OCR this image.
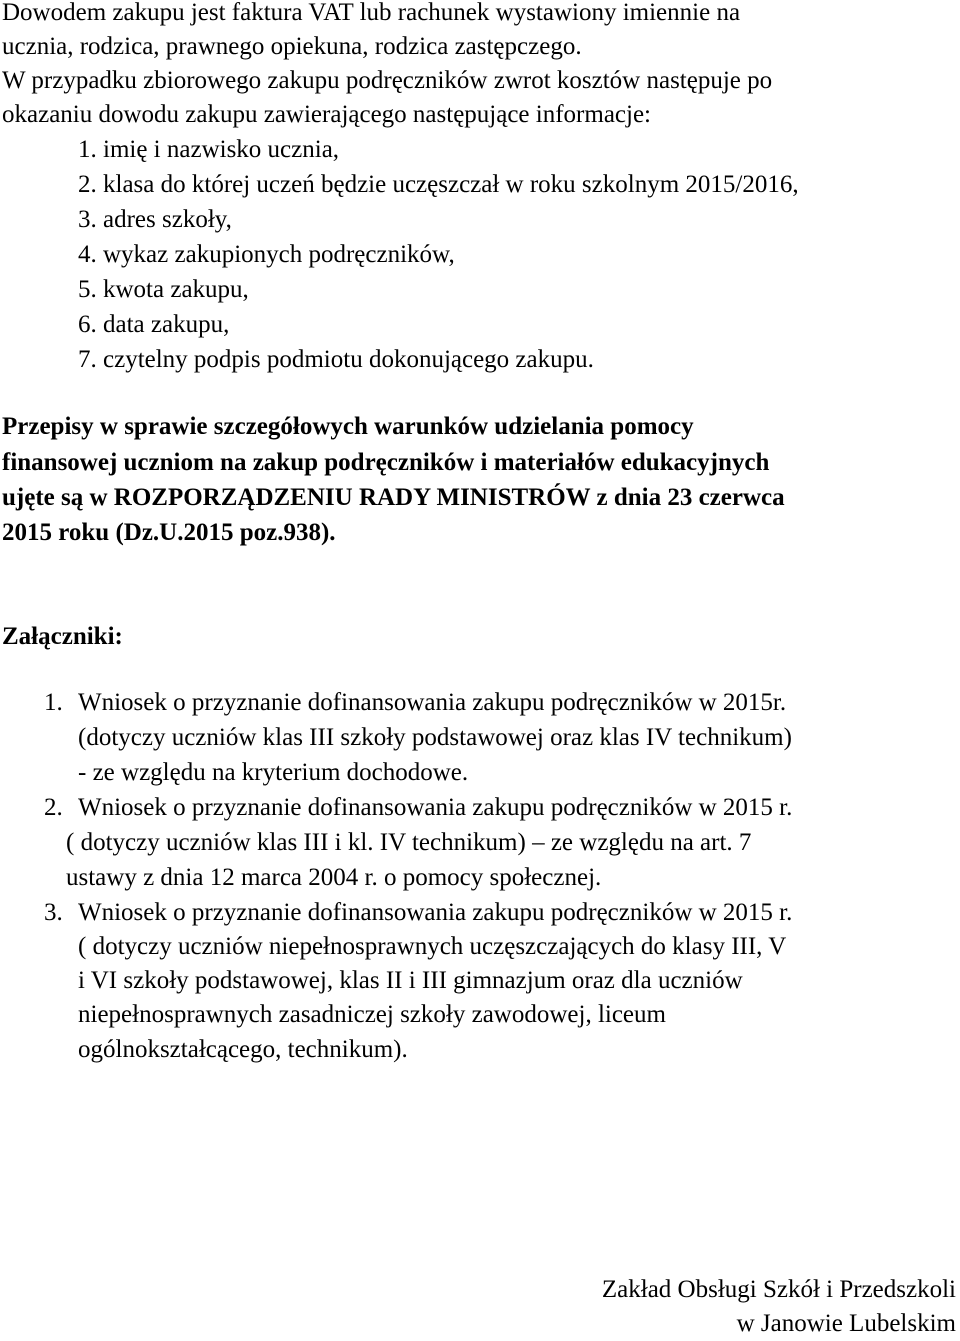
Dowodem zakupu jest faktura VAT lub rachunek wystawiony imiennie na
ucznia, rodzica, prawnego opiekuna, rodzica zastępczego.
W przypadku zbiorowego zakupu podręczników zwrot kosztów następuje po
okazaniu dowodu zakupu zawierającego następujące informacje:
1. imię i nazwisko ucznia,
2. klasa do której uczeń będzie uczęszczał w roku szkolnym 2015/2016,
3. adres szkoły,
4. wykaz zakupionych podręczników,
5. kwota zakupu,
6. data zakupu,
7. czytelny podpis podmiotu dokonującego zakupu.
Przepisy w sprawie szczegółowych warunków udzielania pomocy
finansowej uczniom na zakup podręczników i materiałów edukacyjnych
ujęte są w ROZPORZĄDZENIU RADY MINISTRÓW z dnia 23 czerwca
2015 roku (Dz.U.2015 poz.938).
Załączniki:
1. Wniosek o przyznanie dofinansowania zakupu podręczników w 2015r.
(dotyczy uczniów klas III szkoły podstawowej oraz klas IV technikum)
- ze względu na kryterium dochodowe.
2. Wniosek o przyznanie dofinansowania zakupu podręczników w 2015 r.
( dotyczy uczniów klas III i kl. IV technikum) – ze względu na art. 7
ustawy z dnia 12 marca 2004 r. o pomocy społecznej.
3. Wniosek o przyznanie dofinansowania zakupu podręczników w 2015 r.
( dotyczy uczniów niepełnosprawnych uczęszczających do klasy III, V
i VI szkoły podstawowej, klas II i III gimnazjum oraz dla uczniów
niepełnosprawnych zasadniczej szkoły zawodowej, liceum
ogólnokształcącego, technikum).
Zakład Obsługi Szkół i Przedszkoli
w Janowie Lubelskim
